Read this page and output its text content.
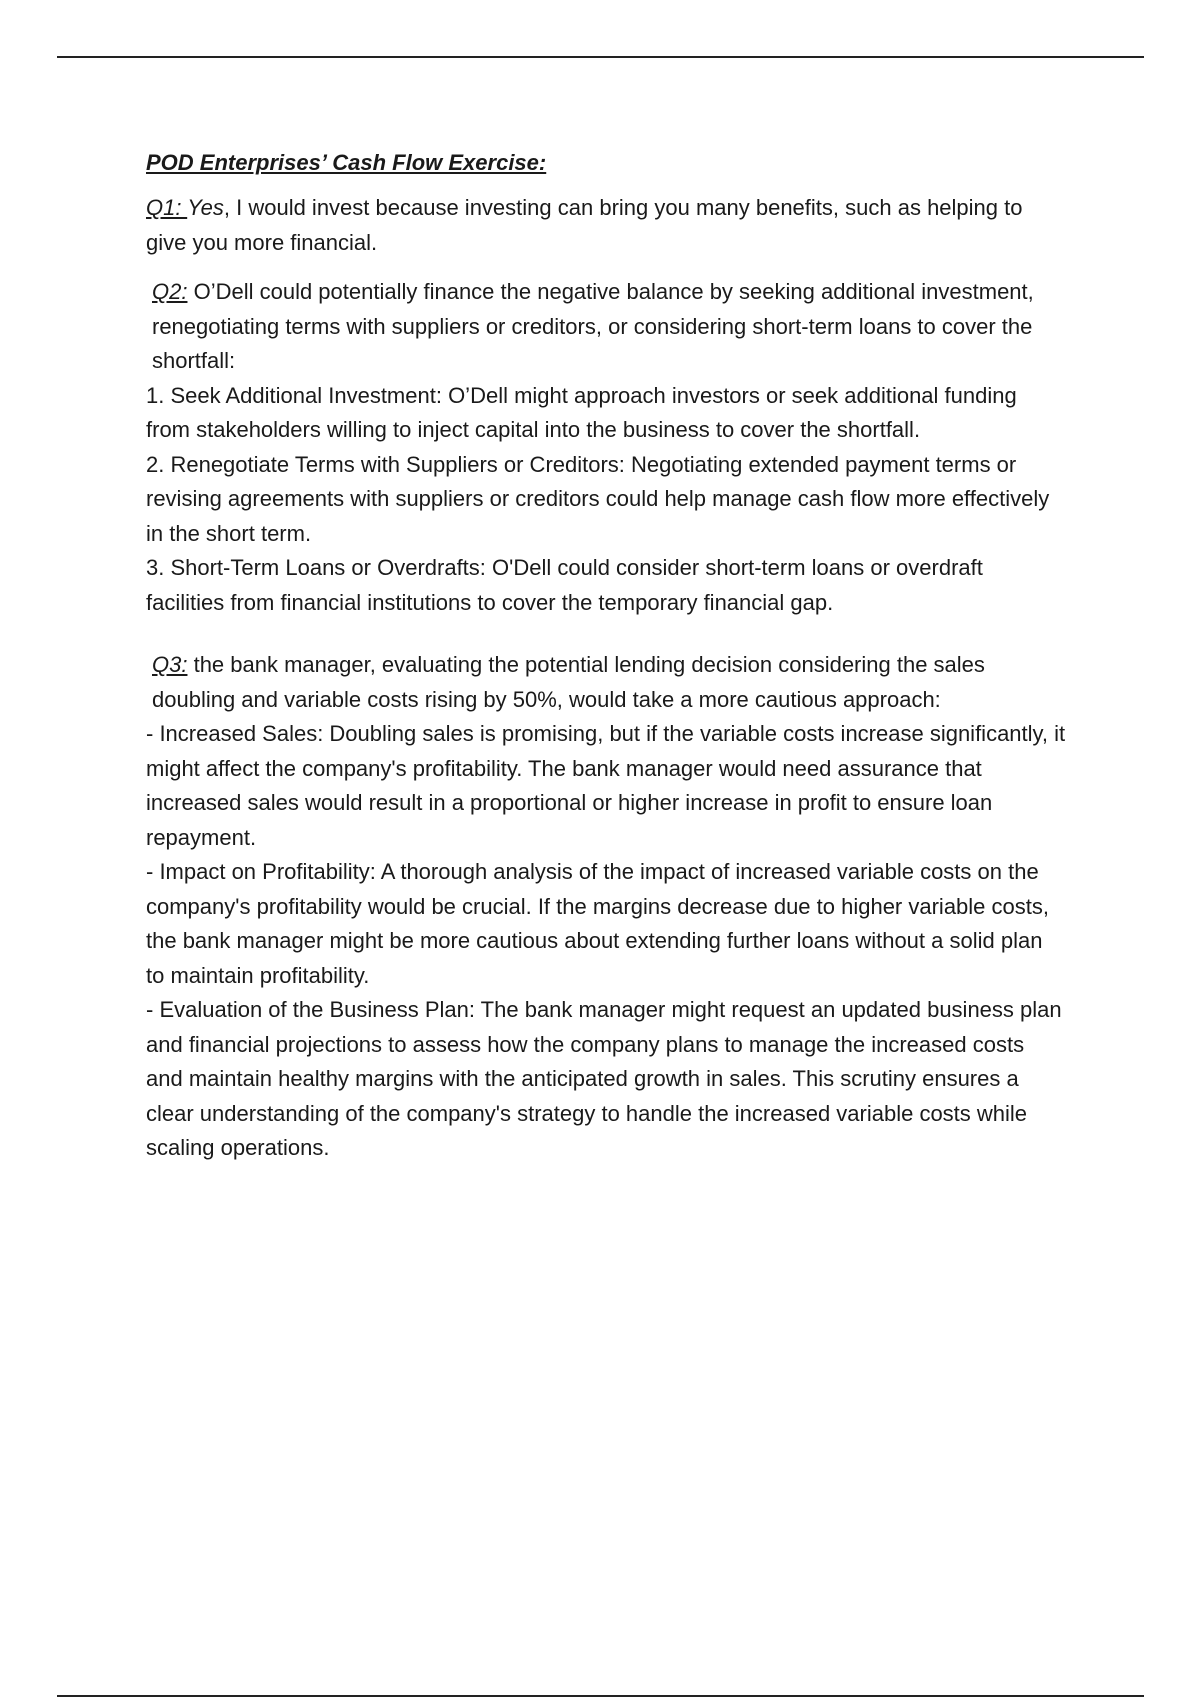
POD Enterprises’ Cash Flow Exercise:

Q1: Yes, I would invest because investing can bring you many benefits, such as helping to give you more financial.

Q2: O’Dell could potentially finance the negative balance by seeking additional investment, renegotiating terms with suppliers or creditors, or considering short-term loans to cover the shortfall:

1. Seek Additional Investment: O’Dell might approach investors or seek additional funding from stakeholders willing to inject capital into the business to cover the shortfall.

2. Renegotiate Terms with Suppliers or Creditors: Negotiating extended payment terms or revising agreements with suppliers or creditors could help manage cash flow more effectively in the short term.

3. Short-Term Loans or Overdrafts: O'Dell could consider short-term loans or overdraft facilities from financial institutions to cover the temporary financial gap.

Q3: the bank manager, evaluating the potential lending decision considering the sales doubling and variable costs rising by 50%, would take a more cautious approach:

- Increased Sales: Doubling sales is promising, but if the variable costs increase significantly, it might affect the company's profitability. The bank manager would need assurance that increased sales would result in a proportional or higher increase in profit to ensure loan repayment.

- Impact on Profitability: A thorough analysis of the impact of increased variable costs on the company's profitability would be crucial. If the margins decrease due to higher variable costs, the bank manager might be more cautious about extending further loans without a solid plan to maintain profitability.

- Evaluation of the Business Plan: The bank manager might request an updated business plan and financial projections to assess how the company plans to manage the increased costs and maintain healthy margins with the anticipated growth in sales. This scrutiny ensures a clear understanding of the company's strategy to handle the increased variable costs while scaling operations.
